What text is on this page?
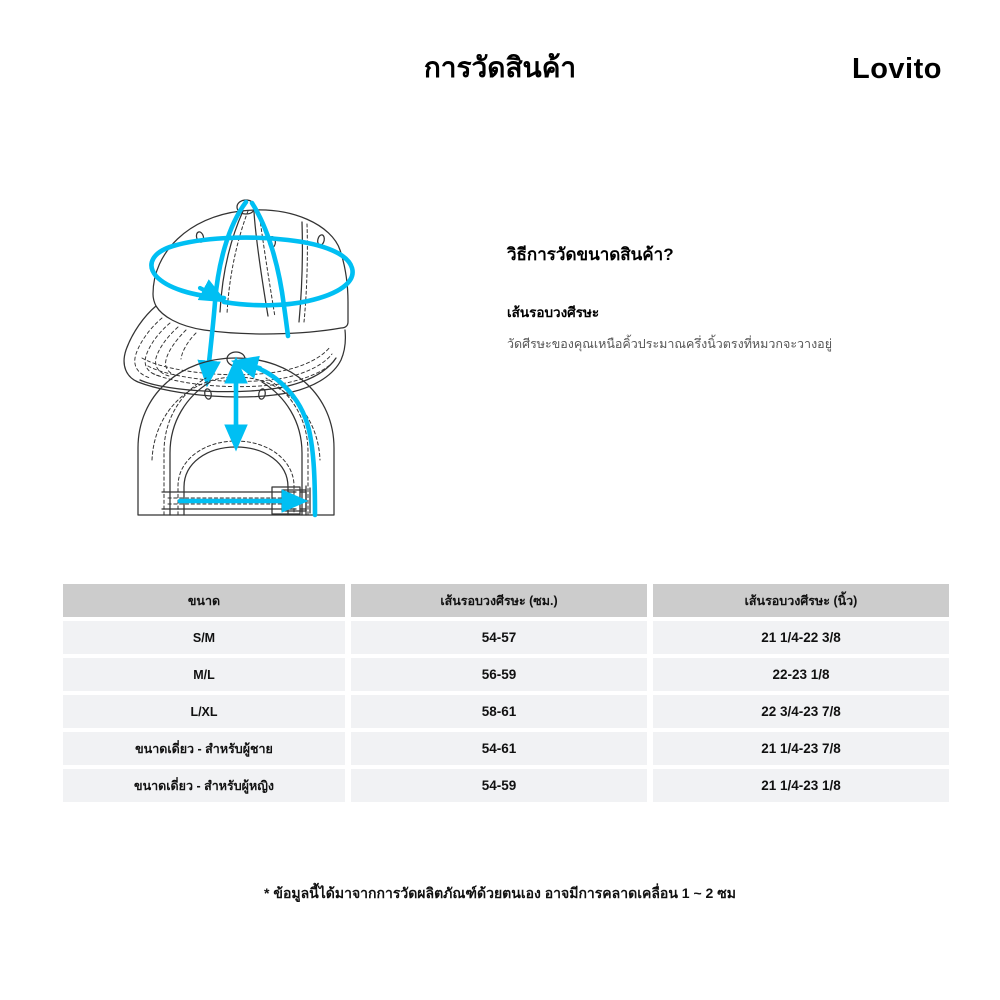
การวัดสินค้า	Lovito

วิธีการวัดขนาดสินค้า?

เส้นรอบวงศีรษะ

วัดศีรษะของคุณเหนือคิ้วประมาณครึ่งนิ้วตรงที่หมวกจะวางอยู่

ขนาด	เส้นรอบวงศีรษะ (ซม.)	เส้นรอบวงศีรษะ (นิ้ว)
S/M	54-57	21 1/4-22 3/8
M/L	56-59	22-23 1/8
L/XL	58-61	22 3/4-23 7/8
ขนาดเดี่ยว - สำหรับผู้ชาย	54-61	21 1/4-23 7/8
ขนาดเดี่ยว - สำหรับผู้หญิง	54-59	21 1/4-23 1/8
* ข้อมูลนี้ได้มาจากการวัดผลิตภัณฑ์ด้วยตนเอง อาจมีการคลาดเคลื่อน 1 ~ 2 ซม
